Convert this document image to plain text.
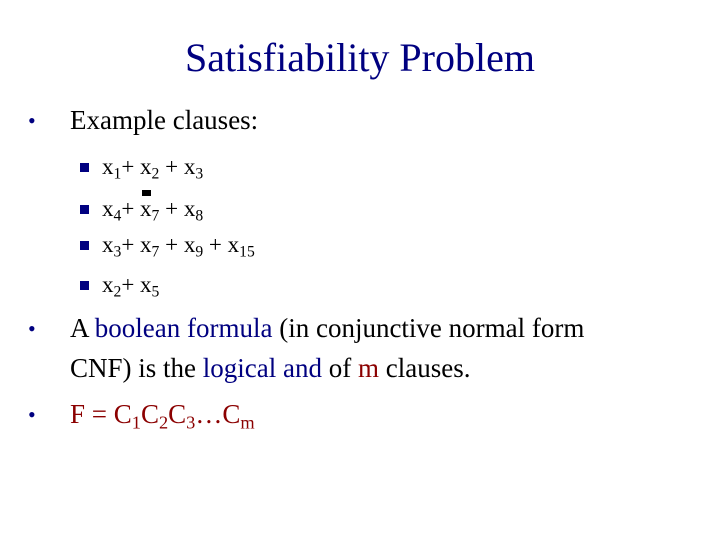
Satisfiability Problem
•	Example clauses:
$x_1+ x_2 + x_3$
$x_4+ x_7$
+ $x_8$
$x_3+ x_7 + x_9 + x_{15}$
$x_2+ x_5$
•	A boolean formula (in conjunctive normal form
CNF) is the logical and of m clauses.
•	$F = C_1C_2C_3\dots C_m$
